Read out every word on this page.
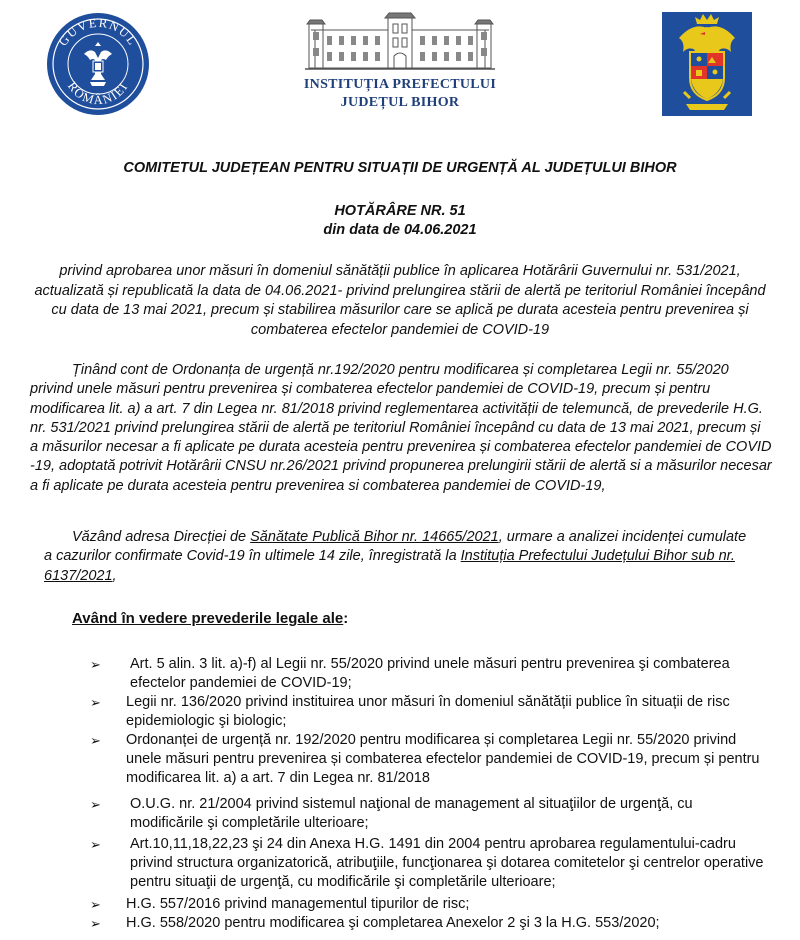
GUVERNUL
ROMÂNIEI	INSTITUȚIA PREFECTULUI
JUDEȚUL BIHOR
COMITETUL JUDEȚEAN PENTRU SITUAȚII DE URGENȚĂ AL JUDEȚULUI BIHOR
HOTĂRÂRE NR. 51
din data de 04.06.2021

privind aprobarea unor măsuri în domeniul sănătății publice în aplicarea Hotărârii Guvernului nr. 531/2021,

actualizată și republicată la data de 04.06.2021- privind prelungirea stării de alertă pe teritoriul României începând

cu data de 13 mai 2021, precum și stabilirea măsurilor care se aplică pe durata acesteia pentru prevenirea și

combaterea efectelor pandemiei de COVID-19

Ținând cont de Ordonanța de urgență nr.192/2020 pentru modificarea și completarea Legii nr. 55/2020

privind unele măsuri pentru prevenirea și combaterea efectelor pandemiei de COVID-19, precum și pentru

modificarea lit. a) a art. 7 din Legea nr. 81/2018 privind reglementarea activității de telemuncă, de prevederile H.G.

nr. 531/2021 privind prelungirea stării de alertă pe teritoriul României începând cu data de 13 mai 2021, precum și

a măsurilor necesar a fi aplicate pe durata acesteia pentru prevenirea și combaterea efectelor pandemiei de COVID

-19, adoptată potrivit Hotărârii CNSU nr.26/2021 privind propunerea prelungirii stării de alertă si a măsurilor necesar

a fi aplicate pe durata acesteia pentru prevenirea si combaterea pandemiei de COVID-19,

Văzând adresa Direcției de Sănătate Publică Bihor nr. 14665/2021, urmare a analizei incidenței cumulate

a cazurilor confirmate Covid-19 în ultimele 14 zile, înregistrată la Instituția Prefectului Județului Bihor sub nr.

6137/2021,

Având în vedere prevederile legale ale:
➢ Art. 5 alin. 3 lit. a)-f) al Legii nr. 55/2020 privind unele măsuri pentru prevenirea şi combaterea

efectelor pandemiei de COVID-19;

➢ Legii nr. 136/2020 privind instituirea unor măsuri în domeniul sănătății publice în situații de risc

epidemiologic şi biologic;

➢ Ordonanței de urgență nr. 192/2020 pentru modificarea și completarea Legii nr. 55/2020 privind

unele măsuri pentru prevenirea și combaterea efectelor pandemiei de COVID-19, precum și pentru

modificarea lit. a) a art. 7 din Legea nr. 81/2018

➢ O.U.G. nr. 21/2004 privind sistemul naţional de management al situaţiilor de urgenţă, cu

modificările şi completările ulterioare;

➢ Art.10,11,18,22,23 şi 24 din Anexa H.G. 1491 din 2004 pentru aprobarea regulamentului-cadru

privind structura organizatorică, atribuţiile, funcţionarea şi dotarea comitetelor şi centrelor operative

pentru situaţii de urgenţă, cu modificările şi completările ulterioare;

➢ H.G. 557/2016 privind managementul tipurilor de risc;

➢ H.G. 558/2020 pentru modificarea şi completarea Anexelor 2 şi 3 la H.G. 553/2020;
